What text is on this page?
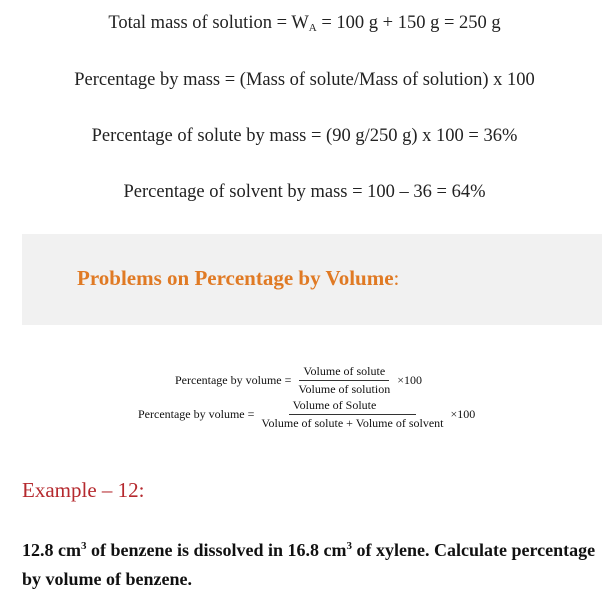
Total mass of solution = $W_A = 100$ g + 150 g = 250 g
Percentage by mass = (Mass of solute/Mass of solution) x 100
Percentage of solute by mass = (90 g/250 g) x 100 = 36%
Percentage of solvent by mass = 100 – 36 = 64%
Problems on Percentage by Volume:
Percentage by volume = $\frac{\text{Volume of solute}}{\text{Volume of solution}} \times 100$
Percentage by volume = $\frac{\text{Volume of Solute}}{\text{Volume of solute + Volume of solvent}} \times 100$
Example – 12:
12.8 $cm^3$ of benzene is dissolved in 16.8 $cm^3$ of xylene. Calculate percentage by volume of benzene.
